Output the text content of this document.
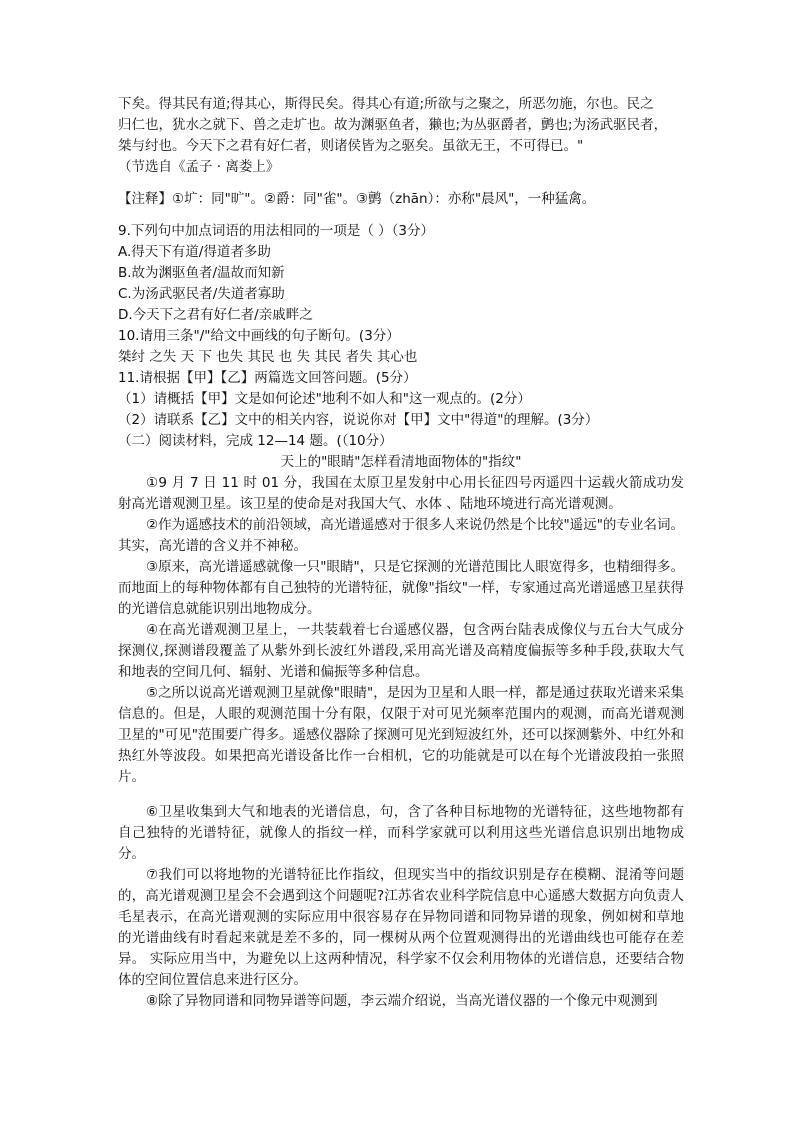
下矣。得其民有道;得其心，斯得民矣。得其心有道;所欲与之聚之，所恶勿施，尔也。民之

归仁也，犹水之就下、兽之走圹也。故为渊驱鱼者，獭也;为丛驱爵者，鹯也;为汤武驱民者，

桀与纣也。今天下之君有好仁者，则诸侯皆为之驱矣。虽欲无王，不可得已。"

（节选自《孟子 · 离娄上》

【注释】①圹：同"旷"。②爵：同"雀"。③鹯（zhān）：亦称"晨风"，一种猛禽。

9.下列句中加点词语的用法相同的一项是（ ）（3分）

A.得天下有道/得道者多助

B.故为渊驱鱼者/温故而知新

C.为汤武驱民者/失道者寡助

D.今天下之君有好仁者/亲戚畔之

10.请用三条"/"给文中画线的句子断句。(3分）

桀纣 之失 天 下 也失 其民 也 失 其民 者失 其心也

11.请根据【甲】【乙】两篇选文回答问题。(5分）

（1）请概括【甲】文是如何论述"地利不如人和"这一观点的。(2分）

（2）请联系【乙】文中的相关内容，说说你对【甲】文中"得道"的理解。(3分）

（二）阅读材料，完成 12—14 题。(（10分）

天上的"眼睛"怎样看清地面物体的"指纹"

①9 月 7 日 11 时 01 分，我国在太原卫星发射中心用长征四号丙遥四十运载火箭成功发射高光谱观测卫星。该卫星的使命是对我国大气、水体 、陆地环境进行高光谱观测。

②作为遥感技术的前沿领域，高光谱遥感对于很多人来说仍然是个比较"遥远"的专业名词。其实，高光谱的含义并不神秘。

③原来，高光谱遥感就像一只"眼睛"，只是它探测的光谱范围比人眼宽得多，也精细得多。而地面上的每种物体都有自己独特的光谱特征，就像"指纹"一样，专家通过高光谱遥感卫星获得的光谱信息就能识别出地物成分。

④在高光谱观测卫星上，一共装载着七台遥感仪器，包含两台陆表成像仪与五台大气成分探测仪,探测谱段覆盖了从紫外到长波红外谱段,采用高光谱及高精度偏振等多种手段,获取大气和地表的空间几何、辐射、光谱和偏振等多种信息。

⑤之所以说高光谱观测卫星就像"眼睛"，是因为卫星和人眼一样，都是通过获取光谱来采集信息的。但是，人眼的观测范围十分有限，仅限于对可见光频率范围内的观测，而高光谱观测卫星的"可见"范围要广得多。遥感仪器除了探测可见光到短波红外，还可以探测紫外、中红外和热红外等波段。如果把高光谱设备比作一台相机，它的功能就是可以在每个光谱波段拍一张照片。

⑥卫星收集到大气和地表的光谱信息，句，含了各种目标地物的光谱特征，这些地物都有自己独特的光谱特征，就像人的指纹一样，而科学家就可以利用这些光谱信息识别出地物成分。

⑦我们可以将地物的光谱特征比作指纹，但现实当中的指纹识别是存在模糊、混淆等问题的，高光谱观测卫星会不会遇到这个问题呢?江苏省农业科学院信息中心遥感大数据方向负责人毛星表示，在高光谱观测的实际应用中很容易存在异物同谱和同物异谱的现象，例如树和草地的光谱曲线有时看起来就是差不多的，同一棵树从两个位置观测得出的光谱曲线也可能存在差异。 实际应用当中，为避免以上这两种情况，科学家不仅会利用物体的光谱信息，还要结合物体的空间位置信息来进行区分。

⑧除了异物同谱和同物异谱等问题，李云端介绍说，当高光谱仪器的一个像元中观测到
